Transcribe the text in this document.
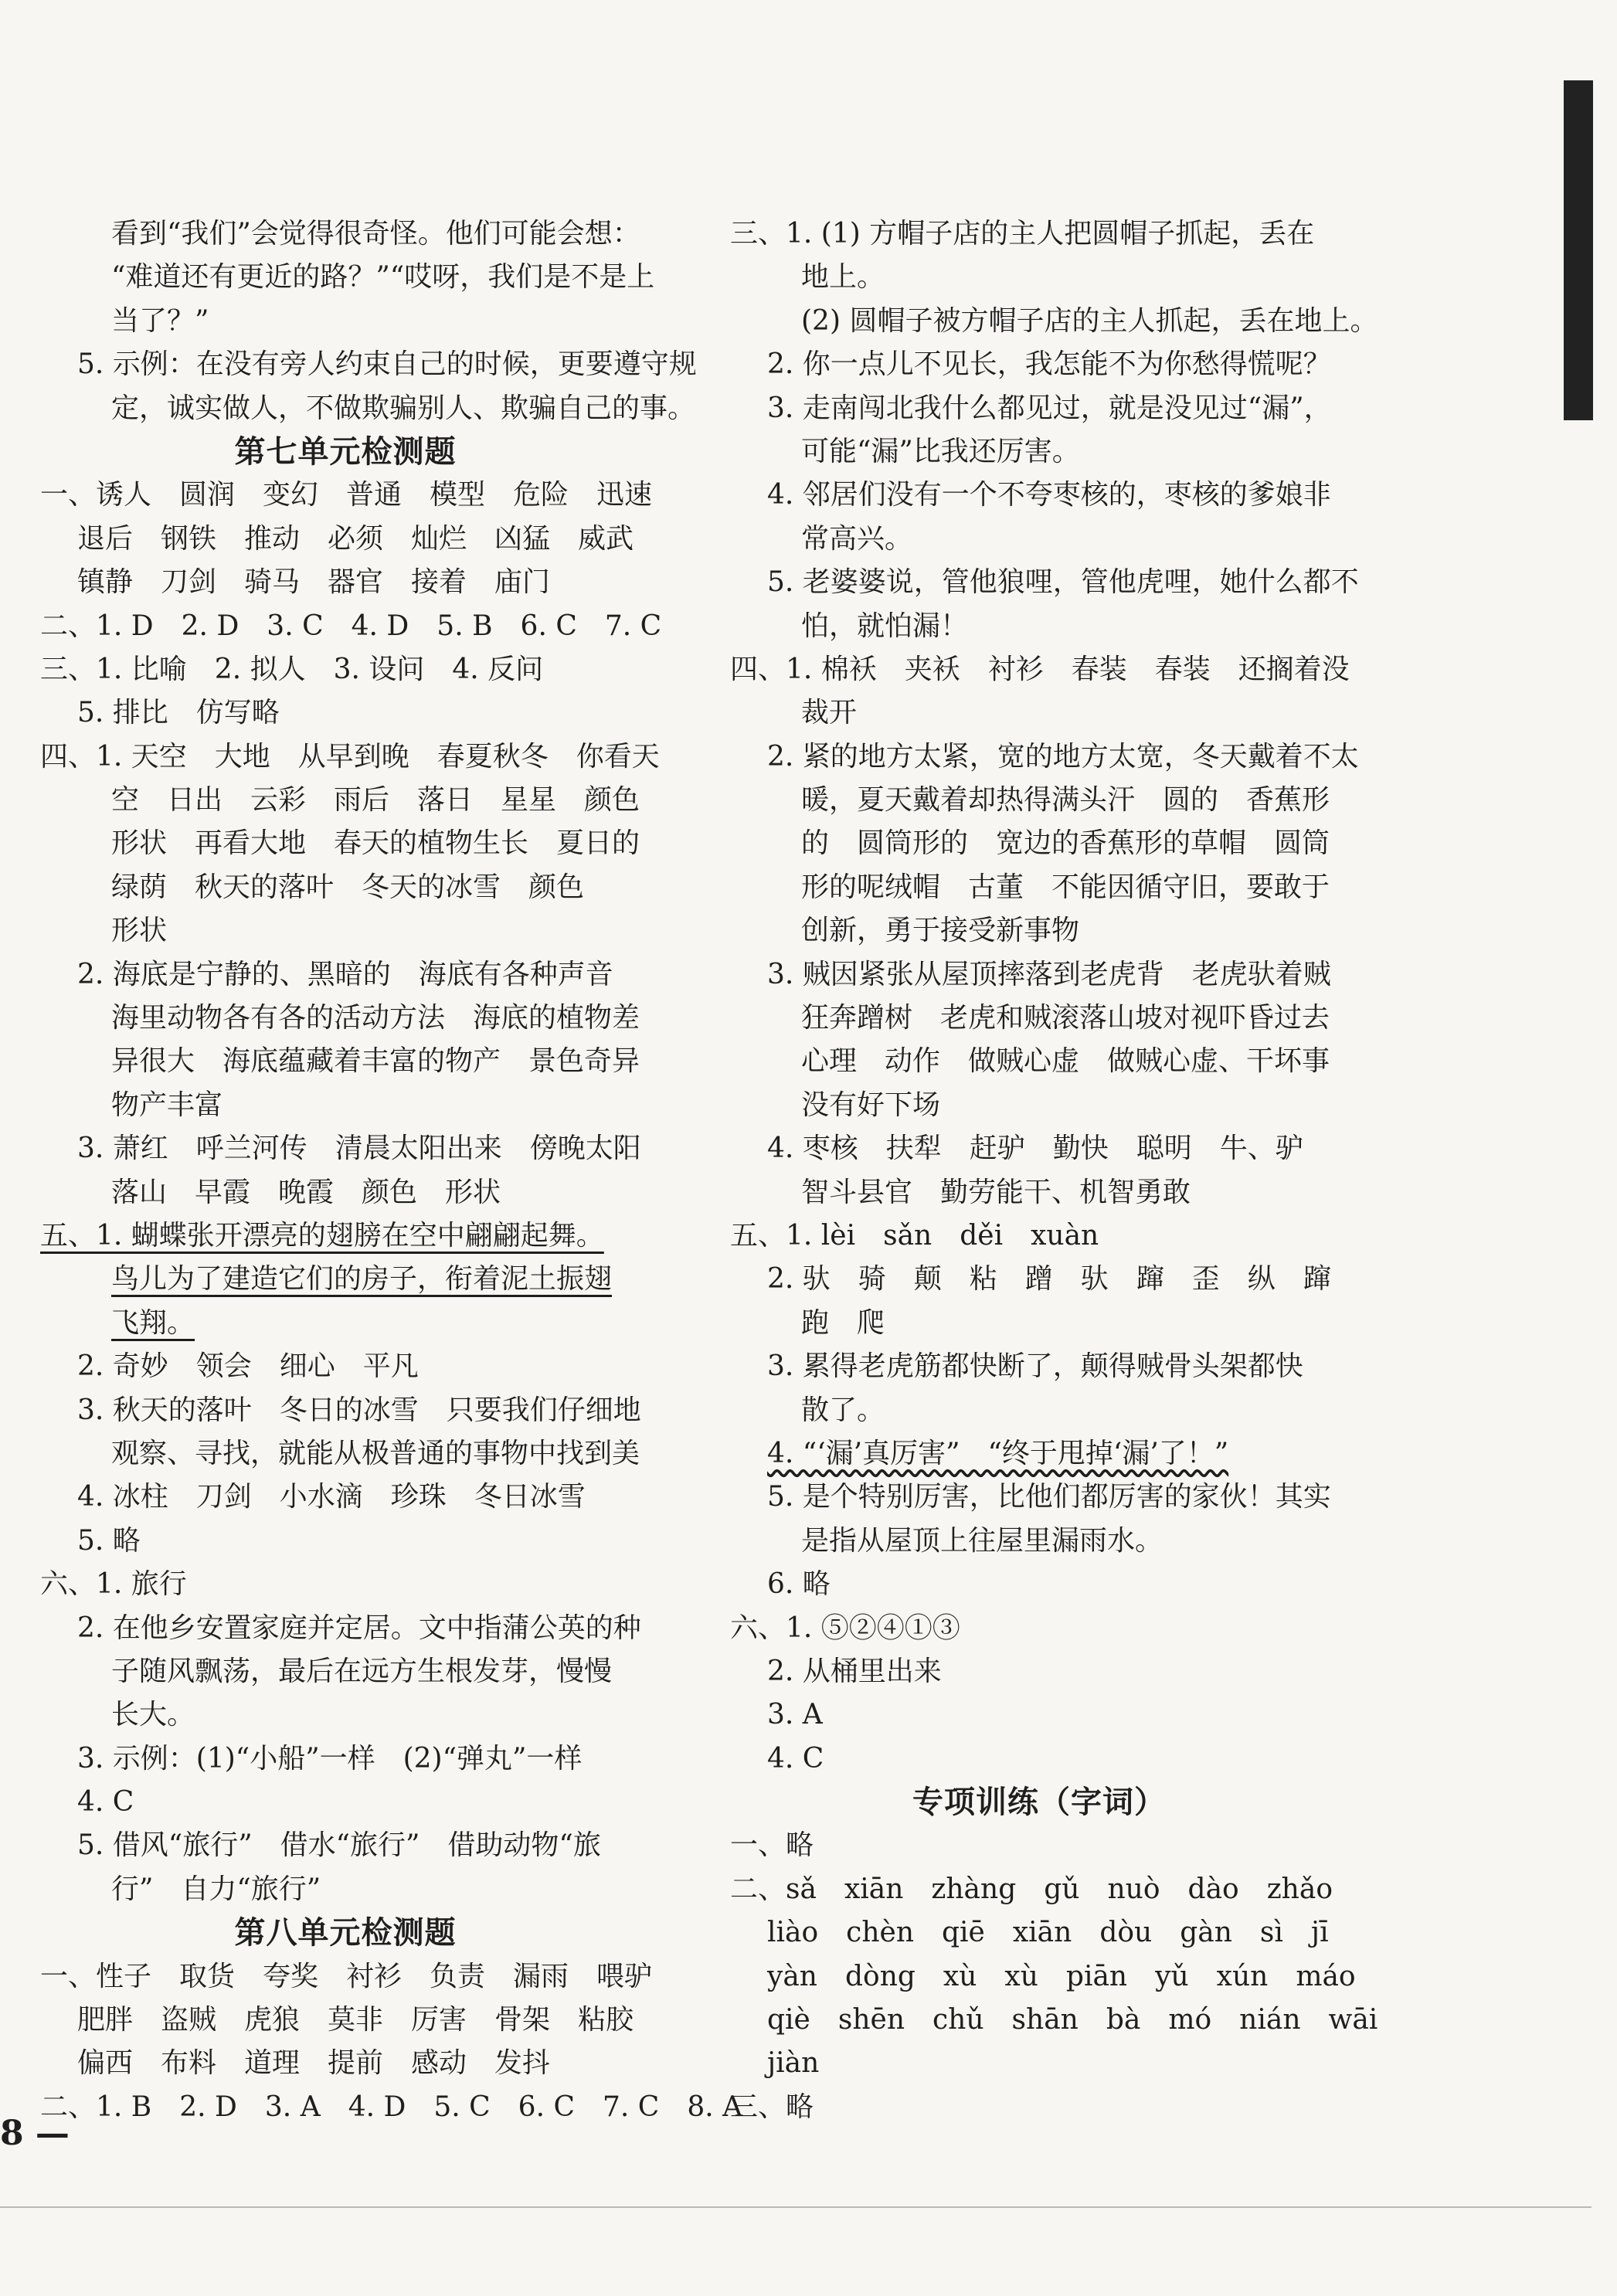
看到“我们”会觉得很奇怪。他们可能会想：
“难道还有更近的路？”“哎呀，我们是不是上
当了？”
5. 示例：在没有旁人约束自己的时候，更要遵守规
定，诚实做人，不做欺骗别人、欺骗自己的事。
第七单元检测题
一、诱人　圆润　变幻　普通　模型　危险　迅速
退后　钢铁　推动　必须　灿烂　凶猛　威武
镇静　刀剑　骑马　器官　接着　庙门
二、1. D　2. D　3. C　4. D　5. B　6. C　7. C
三、1. 比喻　2. 拟人　3. 设问　4. 反问
5. 排比　仿写略
四、1. 天空　大地　从早到晚　春夏秋冬　你看天
空　日出　云彩　雨后　落日　星星　颜色
形状　再看大地　春天的植物生长　夏日的
绿荫　秋天的落叶　冬天的冰雪　颜色
形状
2. 海底是宁静的、黑暗的　海底有各种声音
海里动物各有各的活动方法　海底的植物差
异很大　海底蕴藏着丰富的物产　景色奇异
物产丰富
3. 萧红　呼兰河传　清晨太阳出来　傍晚太阳
落山　早霞　晚霞　颜色　形状
五、1. 蝴蝶张开漂亮的翅膀在空中翩翩起舞。
鸟儿为了建造它们的房子，衔着泥土振翅
飞翔。
2. 奇妙　领会　细心　平凡
3. 秋天的落叶　冬日的冰雪　只要我们仔细地
观察、寻找，就能从极普通的事物中找到美
4. 冰柱　刀剑　小水滴　珍珠　冬日冰雪
5. 略
六、1. 旅行
2. 在他乡安置家庭并定居。文中指蒲公英的种
子随风飘荡，最后在远方生根发芽，慢慢
长大。
3. 示例：(1)“小船”一样　(2)“弹丸”一样
4. C
5. 借风“旅行”　借水“旅行”　借助动物“旅
行”　自力“旅行”
第八单元检测题
一、性子　取货　夸奖　衬衫　负责　漏雨　喂驴
肥胖　盗贼　虎狼　莫非　厉害　骨架　粘胶
偏西　布料　道理　提前　感动　发抖
二、1. B　2. D　3. A　4. D　5. C　6. C　7. C　8. A
三、1. (1) 方帽子店的主人把圆帽子抓起，丢在
地上。
(2) 圆帽子被方帽子店的主人抓起，丢在地上。
2. 你一点儿不见长，我怎能不为你愁得慌呢？
3. 走南闯北我什么都见过，就是没见过“漏”，
可能“漏”比我还厉害。
4. 邻居们没有一个不夸枣核的，枣核的爹娘非
常高兴。
5. 老婆婆说，管他狼哩，管他虎哩，她什么都不
怕，就怕漏！
四、1. 棉袄　夹袄　衬衫　春装　春装　还搁着没
裁开
2. 紧的地方太紧，宽的地方太宽，冬天戴着不太
暖，夏天戴着却热得满头汗　圆的　香蕉形
的　圆筒形的　宽边的香蕉形的草帽　圆筒
形的呢绒帽　古董　不能因循守旧，要敢于
创新，勇于接受新事物
3. 贼因紧张从屋顶摔落到老虎背　老虎驮着贼
狂奔蹭树　老虎和贼滚落山坡对视吓昏过去
心理　动作　做贼心虚　做贼心虚、干坏事
没有好下场
4. 枣核　扶犁　赶驴　勤快　聪明　牛、驴
智斗县官　勤劳能干、机智勇敢
五、1. lèi　sǎn　děi　xuàn
2. 驮　骑　颠　粘　蹭　驮　蹿　歪　纵　蹿
跑　爬
3. 累得老虎筋都快断了，颠得贼骨头架都快
散了。
4. “‘漏’真厉害”　“终于甩掉‘漏’了！”
5. 是个特别厉害，比他们都厉害的家伙！其实
是指从屋顶上往屋里漏雨水。
6. 略
六、1. ⑤②④①③
2. 从桶里出来
3. A
4. C
专项训练（字词）
一、略
二、sǎ　xiān　zhàng　gǔ　nuò　dào　zhǎo
liào　chèn　qiē　xiān　dòu　gàn　sì　jī
yàn　dòng　xù　xù　piān　yǔ　xún　máo
qiè　shēn　chǔ　shān　bà　mó　nián　wāi
jiàn
三、略
8 —
